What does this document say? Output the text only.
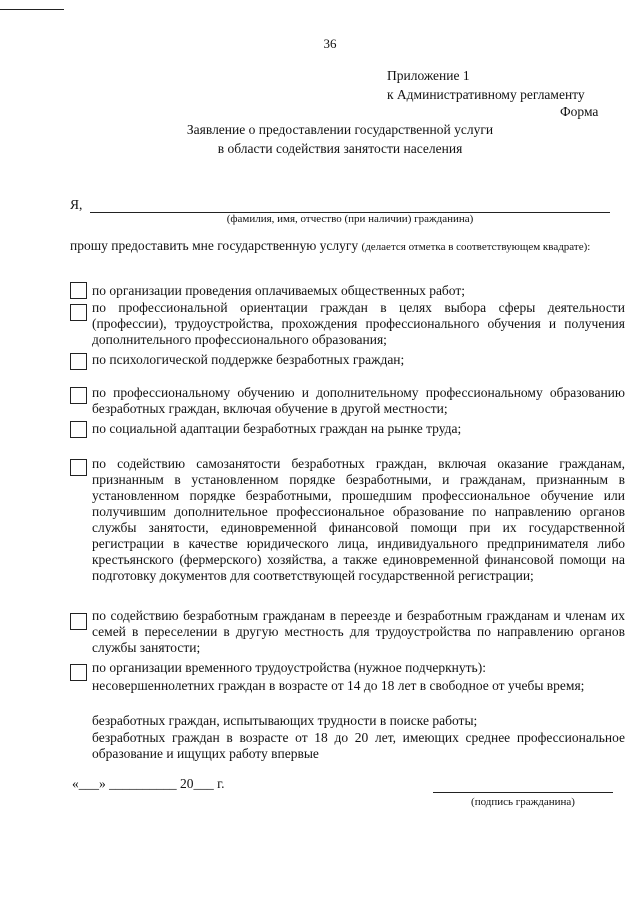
36
Приложение 1
к Административному регламенту
Форма
Заявление о предоставлении государственной услуги
в области содействия занятости населения
Я,
(фамилия, имя, отчество (при наличии) гражданина)
прошу предоставить мне государственную услугу (делается отметка в соответствующем квадрате):
по организации проведения оплачиваемых общественных работ;
по профессиональной ориентации граждан в целях выбора сферы деятельности (профессии), трудоустройства, прохождения профессионального обучения и получения дополнительного профессионального образования;
по психологической поддержке безработных граждан;
по профессиональному обучению и дополнительному профессиональному образованию безработных граждан, включая обучение в другой местности;
по социальной адаптации безработных граждан на рынке труда;
по содействию самозанятости безработных граждан, включая оказание гражданам, признанным в установленном порядке безработными, и гражданам, признанным в установленном порядке безработными, прошедшим профессиональное обучение или получившим дополнительное профессиональное образование по направлению органов службы занятости, единовременной финансовой помощи при их государственной регистрации в качестве юридического лица, индивидуального предпринимателя либо крестьянского (фермерского) хозяйства, а также единовременной финансовой помощи на подготовку документов для соответствующей государственной регистрации;
по содействию безработным гражданам в переезде и безработным гражданам и членам их семей в переселении в другую местность для трудоустройства по направлению органов службы занятости;
по организации временного трудоустройства (нужное подчеркнуть):
несовершеннолетних граждан в возрасте от 14 до 18 лет в свободное от учебы время;
безработных граждан, испытывающих трудности в поиске работы;
безработных граждан в возрасте от 18 до 20 лет, имеющих среднее профессиональное образование и ищущих работу впервые
«___» __________ 20___ г.
(подпись гражданина)
